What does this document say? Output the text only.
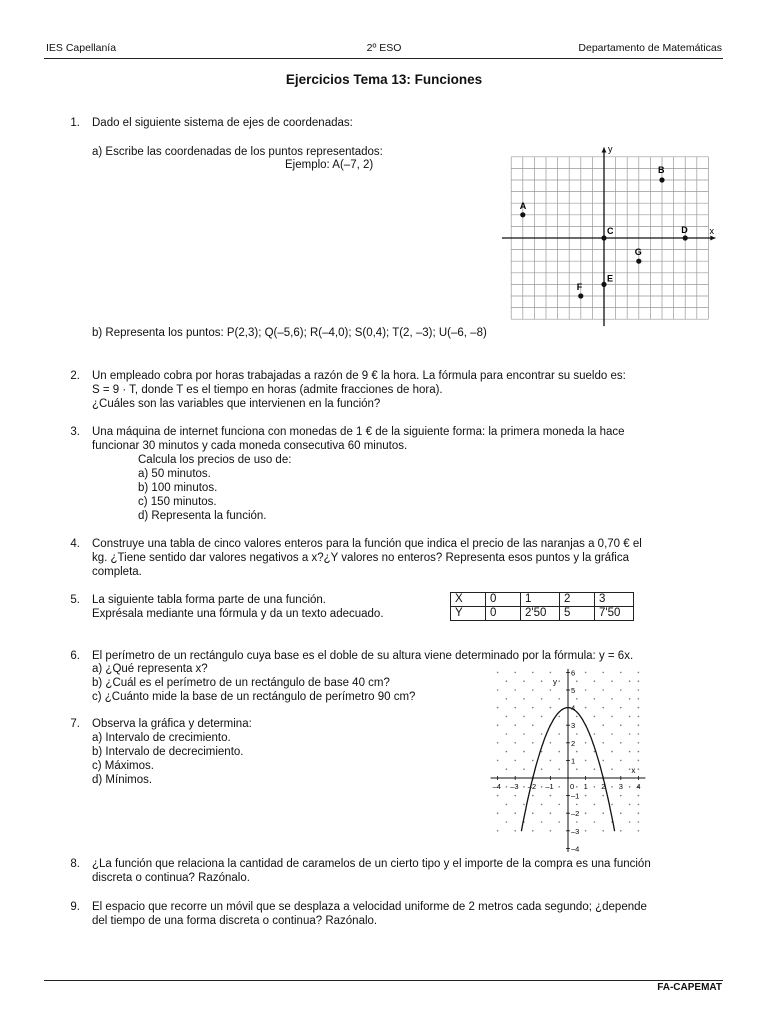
IES Capellanía	2º ESO	Departamento de Matemáticas
Ejercicios Tema 13: Funciones
1. Dado el siguiente sistema de ejes de coordenadas:
a) Escribe las coordenadas de los puntos representados:
Ejemplo: A(–7, 2)
x
y
A
B
C	D
G
E
F
b) Representa los puntos: P(2,3); Q(–5,6); R(–4,0); S(0,4); T(2, –3); U(–6, –8)
2. Un empleado cobra por horas trabajadas a razón de 9 € la hora. La fórmula para encontrar su sueldo es:
S = 9 · T, donde T es el tiempo en horas (admite fracciones de hora).
¿Cuáles son las variables que intervienen en la función?
3. Una máquina de internet funciona con monedas de 1 € de la siguiente forma: la primera moneda la hace
funcionar 30 minutos y cada moneda consecutiva 60 minutos.
Calcula los precios de uso de:
a) 50 minutos.
b) 100 minutos.
c) 150 minutos.
d) Representa la función.
4. Construye una tabla de cinco valores enteros para la función que indica el precio de las naranjas a 0,70 € el
kg. ¿Tiene sentido dar valores negativos a x?¿Y valores no enteros? Representa esos puntos y la gráfica
completa.
5. La siguiente tabla forma parte de una función.
Exprésala mediante una fórmula y da un texto adecuado.
X	0	1	2	3
Y	0	2'50	5	7'50
6. El perímetro de un rectángulo cuya base es el doble de su altura viene determinado por la fórmula: y = 6x.
a) ¿Qué representa x?
b) ¿Cuál es el perímetro de un rectángulo de base 40 cm?
c) ¿Cuánto mide la base de un rectángulo de perímetro 90 cm?
7. Observa la gráfica y determina:
a) Intervalo de crecimiento.
b) Intervalo de decrecimiento.
c) Máximos.
d) Mínimos.
x
y
–4 –3 –2 –1 0 1 2 3 4
6
5
4
3
2
1
–1
–2
–3
–4
8. ¿La función que relaciona la cantidad de caramelos de un cierto tipo y el importe de la compra es una función
discreta o continua? Razónalo.
9. El espacio que recorre un móvil que se desplaza a velocidad uniforme de 2 metros cada segundo; ¿depende
del tiempo de una forma discreta o continua? Razónalo.
FA-CAPEMAT
